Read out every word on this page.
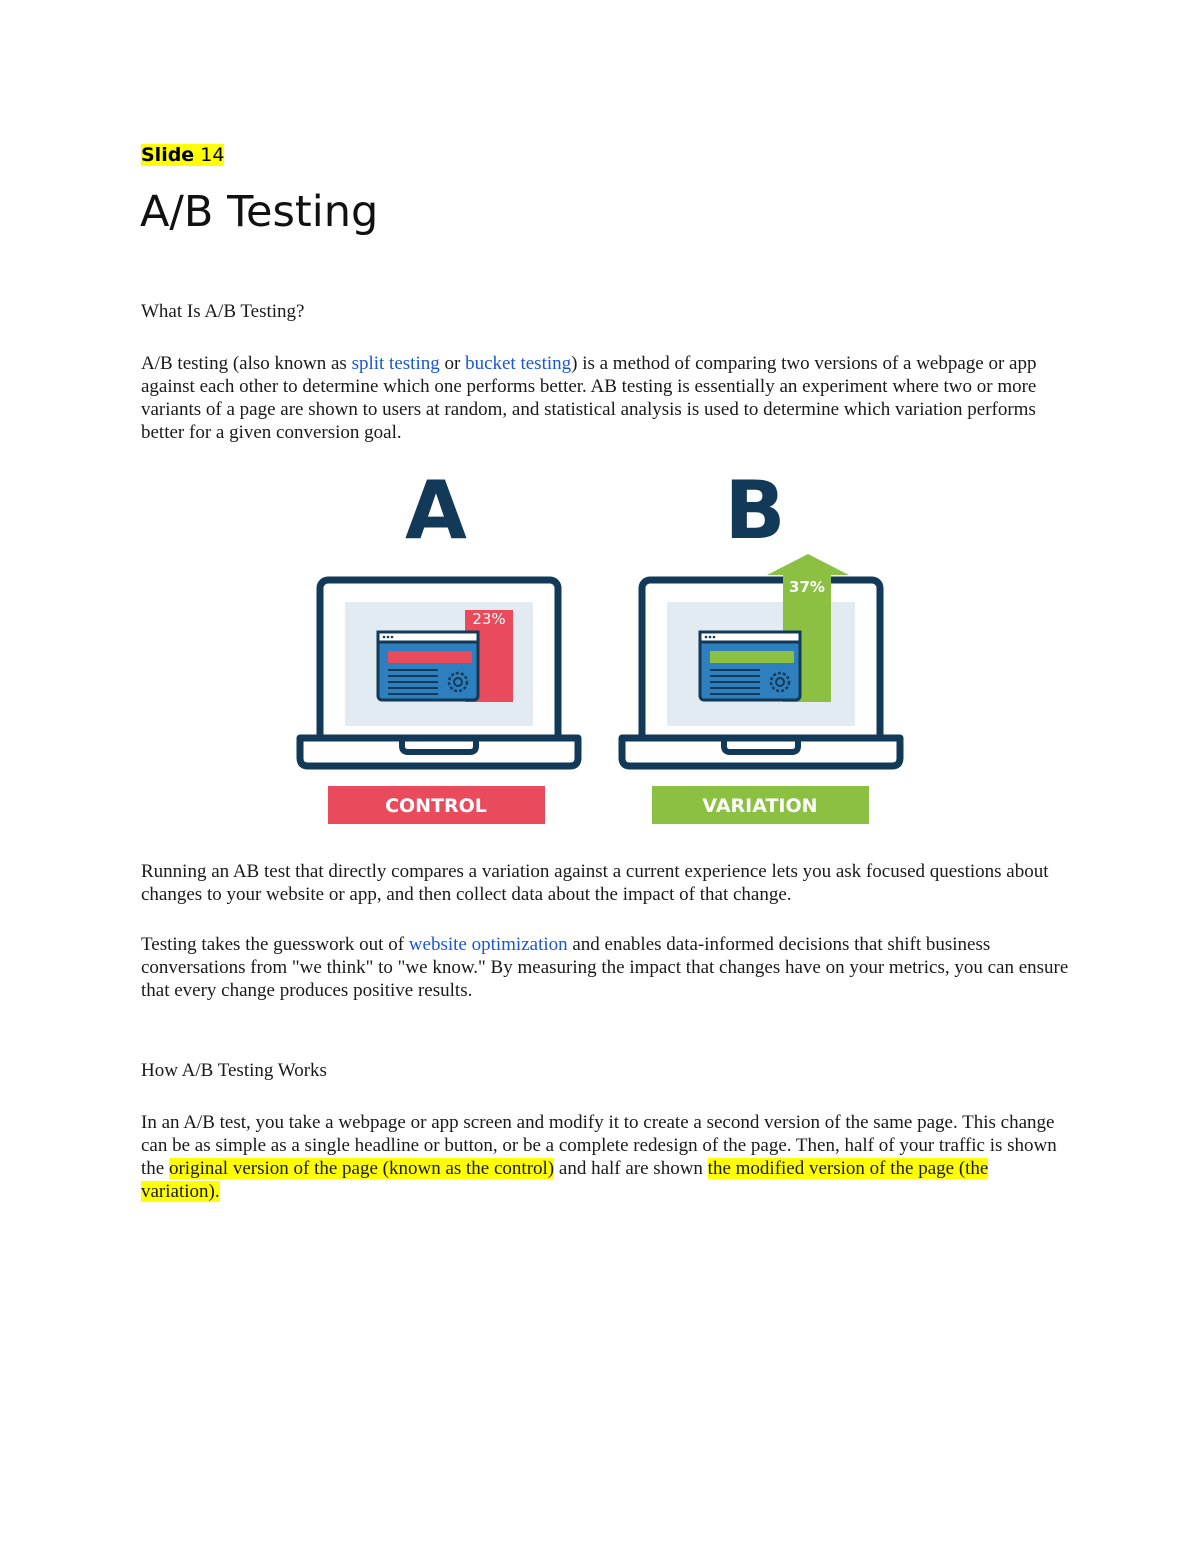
Slide 14
A/B Testing
What Is A/B Testing?

A/B testing (also known as split testing or bucket testing) is a method of comparing two versions of a webpage or app against each other to determine which one performs better. AB testing is essentially an experiment where two or more variants of a page are shown to users at random, and statistical analysis is used to determine which variation performs better for a given conversion goal.

A	B
23%
37%
CONTROL	VARIATION

Running an AB test that directly compares a variation against a current experience lets you ask focused questions about changes to your website or app, and then collect data about the impact of that change.

Testing takes the guesswork out of website optimization and enables data-informed decisions that shift business conversations from "we think" to "we know." By measuring the impact that changes have on your metrics, you can ensure that every change produces positive results.

How A/B Testing Works

In an A/B test, you take a webpage or app screen and modify it to create a second version of the same page. This change can be as simple as a single headline or button, or be a complete redesign of the page. Then, half of your traffic is shown the original version of the page (known as the control) and half are shown the modified version of the page (the variation).
